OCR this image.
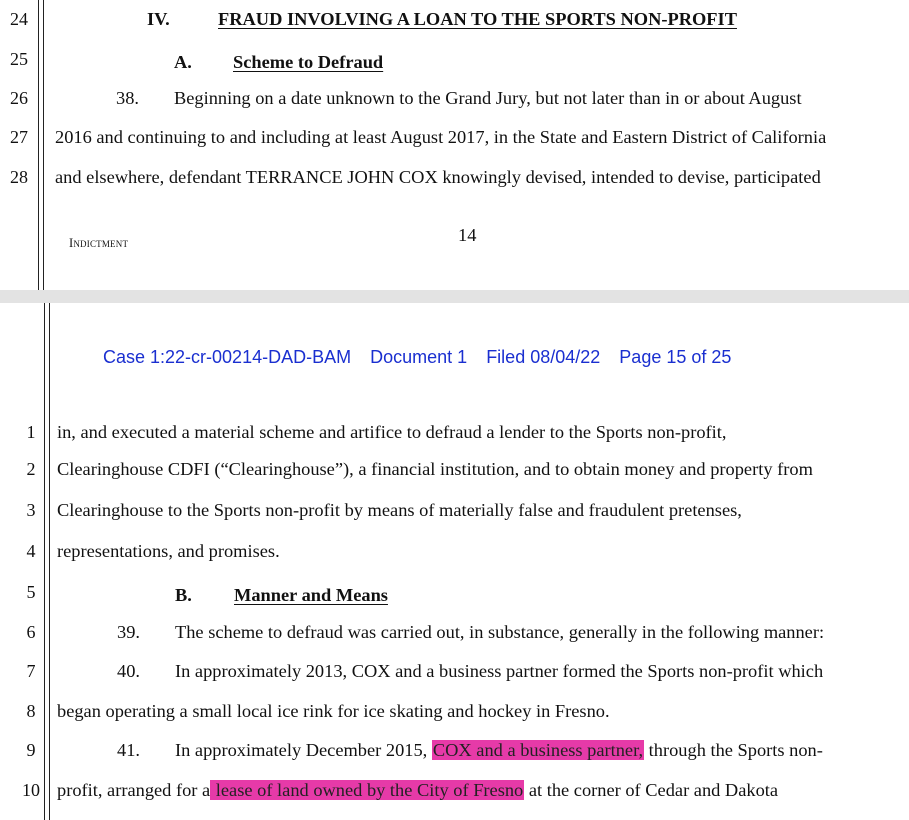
24	IV.	FRAUD INVOLVING A LOAN TO THE SPORTS NON-PROFIT
25	A. Scheme to Defraud
26	38. Beginning on a date unknown to the Grand Jury, but not later than in or about August
27	2016 and continuing to and including at least August 2017, in the State and Eastern District of California
28	and elsewhere, defendant TERRANCE JOHN COX knowingly devised, intended to devise, participated
Indictment	14
Case 1:22-cr-00214-DAD-BAM Document 1 Filed 08/04/22 Page 15 of 25
1	in, and executed a material scheme and artifice to defraud a lender to the Sports non-profit,
2	Clearinghouse CDFI (“Clearinghouse”), a financial institution, and to obtain money and property from
3	Clearinghouse to the Sports non-profit by means of materially false and fraudulent pretenses,
4	representations, and promises.
5	B. Manner and Means
6	39. The scheme to defraud was carried out, in substance, generally in the following manner:
7	40. In approximately 2013, COX and a business partner formed the Sports non-profit which
8	began operating a small local ice rink for ice skating and hockey in Fresno.
9	41. In approximately December 2015, COX and a business partner, through the Sports non-
10 profit, arranged for a lease of land owned by the City of Fresno at the corner of Cedar and Dakota
